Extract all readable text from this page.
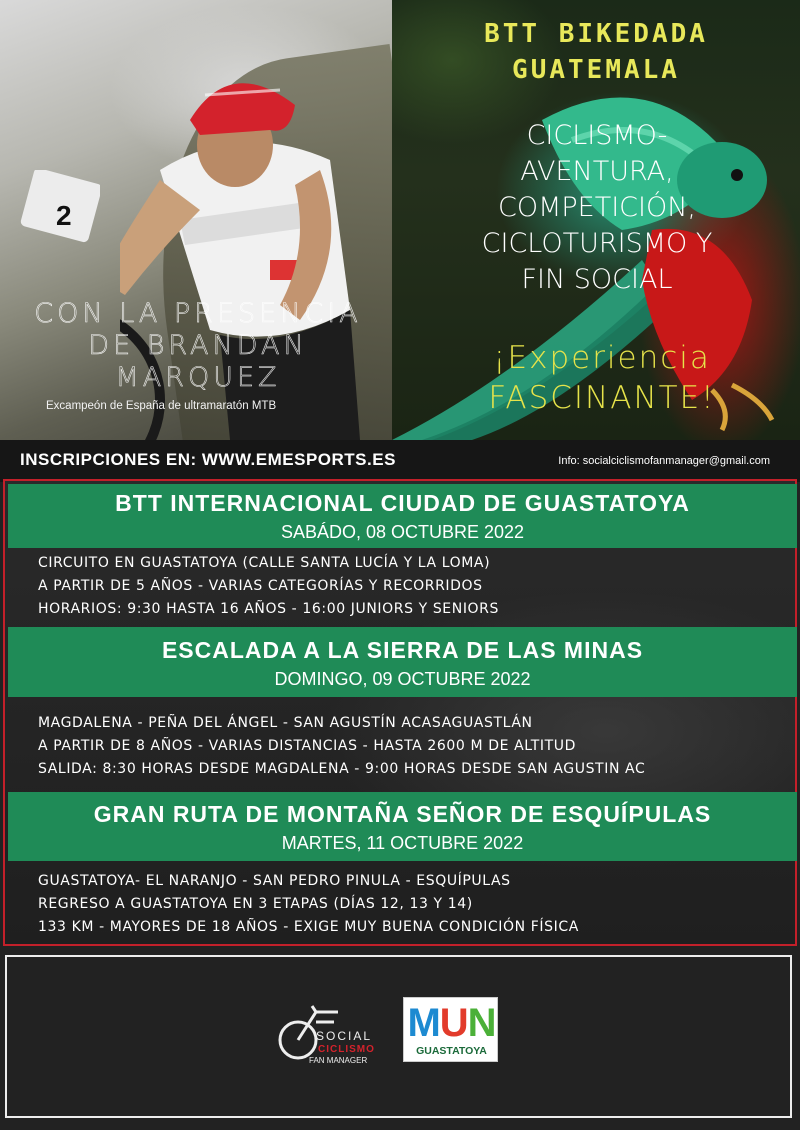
2
CON LA PRESENCIA
DE BRANDAN
MARQUEZ
Excampeón de España de ultramaratón MTB
BTT BIKEDADA
GUATEMALA
CICLISMO-
AVENTURA,
COMPETICIÓN,
CICLOTURISMO Y
FIN SOCIAL
¡Experiencia
FASCINANTE!
INSCRIPCIONES EN: WWW.EMESPORTS.ES	Info: socialciclismofanmanager@gmail.com
BTT INTERNACIONAL CIUDAD DE GUASTATOYA
SABÁDO, 08 OCTUBRE 2022
CIRCUITO EN GUASTATOYA (CALLE SANTA LUCÍA Y LA LOMA)
A PARTIR DE 5 AÑOS - VARIAS CATEGORÍAS Y RECORRIDOS
HORARIOS: 9:30 HASTA 16 AÑOS - 16:00 JUNIORS Y SENIORS
ESCALADA A LA SIERRA DE LAS MINAS
DOMINGO, 09 OCTUBRE 2022
MAGDALENA - PEÑA DEL ÁNGEL - SAN AGUSTÍN ACASAGUASTLÁN
A PARTIR DE 8 AÑOS - VARIAS DISTANCIAS - HASTA 2600 M DE ALTITUD
SALIDA: 8:30 HORAS DESDE MAGDALENA - 9:00 HORAS DESDE SAN AGUSTIN AC
GRAN RUTA DE MONTAÑA SEÑOR DE ESQUÍPULAS
MARTES, 11 OCTUBRE 2022
GUASTATOYA- EL NARANJO - SAN PEDRO PINULA - ESQUÍPULAS
REGRESO A GUASTATOYA EN 3 ETAPAS (DÍAS 12, 13 Y 14)
133 KM - MAYORES DE 18 AÑOS - EXIGE MUY BUENA CONDICIÓN FÍSICA
SOCIAL
CICLISMO
FAN MANAGER
MUN
GUASTATOYA
